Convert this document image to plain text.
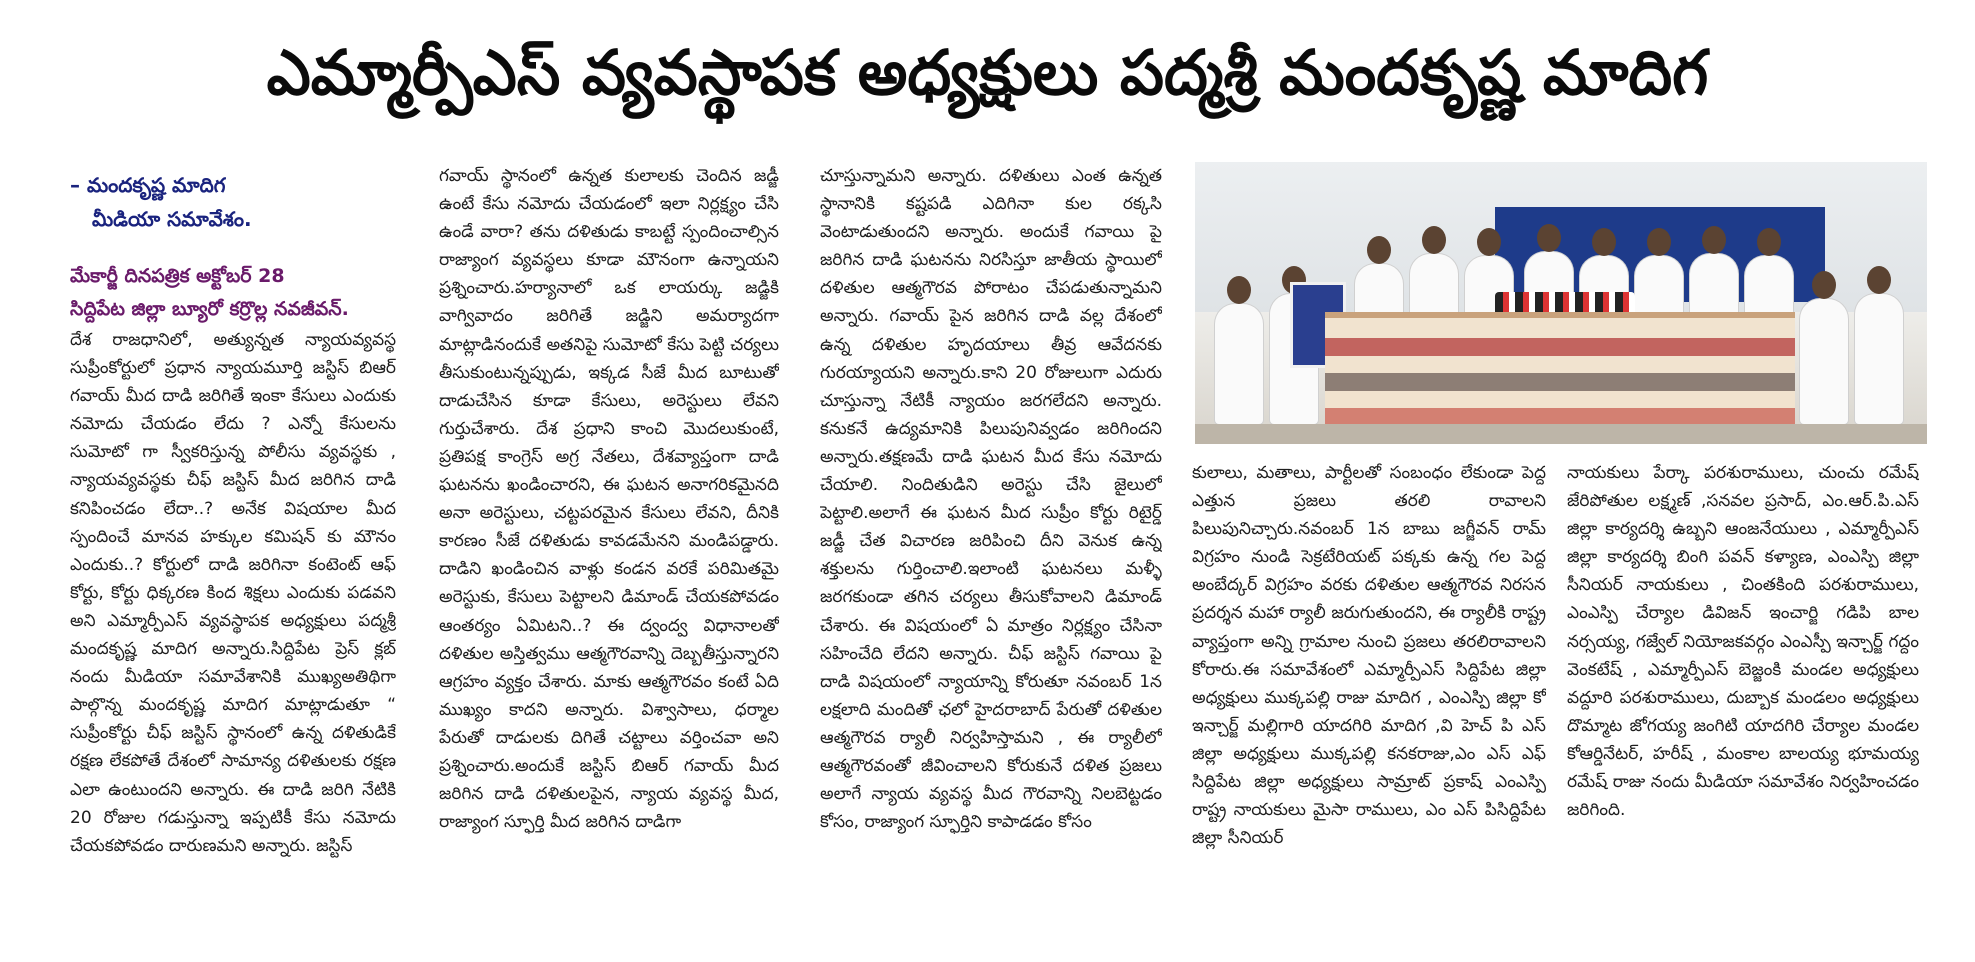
ఎమ్మార్పీఎస్ వ్యవస్థాపక అధ్యక్షులు పద్మశ్రీ మందకృష్ణ మాదిగ
– మందకృష్ణ మాదిగ
మీడియా సమావేశం.
మేకార్జీ దినపత్రిక అక్టోబర్ 28
సిద్దిపేట జిల్లా బ్యూరో కర్రొల్ల నవజీవన్.

దేశ రాజధానిలో, అత్యున్నత న్యాయవ్యవస్థ సుప్రీంకోర్టులో ప్రధాన న్యాయమూర్తి జస్టిస్ బిఆర్ గవాయ్ మీద దాడి జరిగితే ఇంకా కేసులు ఎందుకు నమోదు చేయడం లేదు ? ఎన్నో కేసులను సుమోటో గా స్వీకరిస్తున్న పోలీసు వ్యవస్థకు , న్యాయవ్యవస్థకు చీఫ్ జస్టిస్ మీద జరిగిన దాడి కనిపించడం లేదా..? అనేక విషయాల మీద స్పందించే మానవ హక్కుల కమిషన్ కు మౌనం ఎందుకు..? కోర్టులో దాడి జరిగినా కంటెంట్ ఆఫ్ కోర్టు, కోర్టు ధిక్కరణ కింద శిక్షలు ఎందుకు పడవని అని ఎమ్మార్పీఎస్ వ్యవస్థాపక అధ్యక్షులు పద్మశ్రీ మందకృష్ణ మాదిగ అన్నారు.సిద్దిపేట ప్రెస్ క్లబ్ నందు మీడియా సమావేశానికి ముఖ్యఅతిథిగా పాల్గొన్న మందకృష్ణ మాదిగ మాట్లాడుతూ “ సుప్రీంకోర్టు చీఫ్ జస్టిస్ స్థానంలో ఉన్న దళితుడికే రక్షణ లేకపోతే దేశంలో సామాన్య దళితులకు రక్షణ ఎలా ఉంటుందని అన్నారు. ఈ దాడి జరిగి నేటికి 20 రోజుల గడుస్తున్నా ఇప్పటికీ కేసు నమోదు చేయకపోవడం దారుణమని అన్నారు. జస్టిస్

గవాయ్ స్థానంలో ఉన్నత కులాలకు చెందిన జడ్జీ ఉంటే కేసు నమోదు చేయడంలో ఇలా నిర్లక్ష్యం చేసి ఉండే వారా? తను దళితుడు కాబట్టే స్పందించాల్సిన రాజ్యాంగ వ్యవస్థలు కూడా మౌనంగా ఉన్నాయని ప్రశ్నించారు.హర్యానాలో ఒక లాయర్కు జడ్జికి వాగ్వివాదం జరిగితే జడ్జిని అమర్యాదగా మాట్లాడినందుకే అతనిపై సుమోటో కేసు పెట్టి చర్యలు తీసుకుంటున్నప్పుడు, ఇక్కడ సీజే మీద బూటుతో దాడుచేసిన కూడా కేసులు, అరెస్టులు లేవని గుర్తుచేశారు. దేశ ప్రధాని కాంచి మొదలుకుంటే, ప్రతిపక్ష కాంగ్రెస్ అగ్ర నేతలు, దేశవ్యాప్తంగా దాడి ఘటనను ఖండించారని, ఈ ఘటన అనాగరికమైనది అనా అరెస్టులు, చట్టపరమైన కేసులు లేవని, దీనికి కారణం సీజే దళితుడు కావడమేనని మండిపడ్డారు. దాడిని ఖండించిన వాళ్లు కండన వరకే పరిమితమై అరెస్టుకు, కేసులు పెట్టాలని డిమాండ్ చేయకపోవడం ఆంతర్యం ఏమిటని..? ఈ ద్వంద్వ విధానాలతో దళితుల అస్తిత్వము ఆత్మగౌరవాన్ని దెబ్బతీస్తున్నారని ఆగ్రహం వ్యక్తం చేశారు. మాకు ఆత్మగౌరవం కంటే ఏది ముఖ్యం కాదని అన్నారు. విశ్వాసాలు, ధర్మాల పేరుతో దాడులకు దిగితే చట్టాలు వర్తించవా అని ప్రశ్నించారు.అందుకే జస్టిస్ బిఆర్ గవాయ్ మీద జరిగిన దాడి దళితులపైన, న్యాయ వ్యవస్థ మీద, రాజ్యాంగ స్ఫూర్తి మీద జరిగిన దాడిగా

చూస్తున్నామని అన్నారు. దళితులు ఎంత ఉన్నత స్థానానికి కష్టపడి ఎదిగినా కుల రక్కసి వెంటాడుతుందని అన్నారు. అందుకే గవాయి పై జరిగిన దాడి ఘటనను నిరసిస్తూ జాతీయ స్థాయిలో దళితుల ఆత్మగౌరవ పోరాటం చేపడుతున్నామని అన్నారు. గవాయ్ పైన జరిగిన దాడి వల్ల దేశంలో ఉన్న దళితుల హృదయాలు తీవ్ర ఆవేదనకు గురయ్యాయని అన్నారు.కాని 20 రోజులుగా ఎదురు చూస్తున్నా నేటికీ న్యాయం జరగలేదని అన్నారు. కనుకనే ఉద్యమానికి పిలుపునివ్వడం జరిగిందని అన్నారు.తక్షణమే దాడి ఘటన మీద కేసు నమోదు చేయాలి. నిందితుడిని అరెస్టు చేసి జైలులో పెట్టాలి.అలాగే ఈ ఘటన మీద సుప్రీం కోర్టు రిటైర్డ్ జడ్జీ చేత విచారణ జరిపించి దీని వెనుక ఉన్న శక్తులను గుర్తించాలి.ఇలాంటి ఘటనలు మళ్ళీ జరగకుండా తగిన చర్యలు తీసుకోవాలని డిమాండ్ చేశారు. ఈ విషయంలో ఏ మాత్రం నిర్లక్ష్యం చేసినా సహించేది లేదని అన్నారు. చీఫ్ జస్టిస్ గవాయి పై దాడి విషయంలో న్యాయాన్ని కోరుతూ నవంబర్ 1న లక్షలాది మందితో ఛలో హైదరాబాద్ పేరుతో దళితుల ఆత్మగౌరవ ర్యాలీ నిర్వహిస్తామని , ఈ ర్యాలీలో ఆత్మగౌరవంతో జీవించాలని కోరుకునే దళిత ప్రజలు అలాగే న్యాయ వ్యవస్థ మీద గౌరవాన్ని నిలబెట్టడం కోసం, రాజ్యాంగ స్ఫూర్తిని కాపాడడం కోసం

కులాలు, మతాలు, పార్టీలతో సంబంధం లేకుండా పెద్ద ఎత్తున ప్రజలు తరలి రావాలని పిలుపునిచ్చారు.నవంబర్ 1న బాబు జగ్జీవన్ రామ్ విగ్రహం నుండి సెక్రటేరియట్ పక్కకు ఉన్న గల పెద్ద అంబేద్కర్ విగ్రహం వరకు దళితుల ఆత్మగౌరవ నిరసన ప్రదర్శన మహా ర్యాలీ జరుగుతుందని, ఈ ర్యాలీకి రాష్ట్ర వ్యాప్తంగా అన్ని గ్రామాల నుంచి ప్రజలు తరలిరావాలని కోరారు.ఈ సమావేశంలో ఎమ్మార్పీఎస్ సిద్దిపేట జిల్లా అధ్యక్షులు ముక్కపల్లి రాజు మాదిగ , ఎంఎస్పి జిల్లా కో ఇన్చార్జ్ మల్లిగారి యాదగిరి మాదిగ ,వి హెచ్ పి ఎస్ జిల్లా అధ్యక్షులు ముక్కపల్లి కనకరాజు,ఎం ఎస్ ఎఫ్ సిద్దిపేట జిల్లా అధ్యక్షులు సామ్రాట్ ప్రకాష్ ఎంఎస్పి రాష్ట్ర నాయకులు మైసా రాములు, ఎం ఎస్ పిసిద్దిపేట జిల్లా సీనియర్

నాయకులు పేర్కా పరశురాములు, చుంచు రమేష్ జేరిపోతుల లక్ష్మణ్ ,సనవల ప్రసాద్, ఎం.ఆర్.పి.ఎస్ జిల్లా కార్యదర్శి ఉబ్బని ఆంజనేయులు , ఎమ్మార్పీఎస్ జిల్లా కార్యదర్శి బింగి పవన్ కళ్యాణ, ఎంఎస్పి జిల్లా సీనియర్ నాయకులు , చింతకింది పరశురాములు, ఎంఎస్పి చేర్యాల డివిజన్ ఇంచార్జి గడిపి బాల నర్సయ్య, గజ్వేల్ నియోజకవర్గం ఎంఎస్పీ ఇన్చార్జ్ గద్దం వెంకటేష్ , ఎమ్మార్పీఎస్ బెజ్జంకి మండల అధ్యక్షులు వద్దూరి పరశురాములు, దుబ్బాక మండలం అధ్యక్షులు దొమ్మాట జోగయ్య జంగిటి యాదగిరి చేర్యాల మండల కోఆర్డినేటర్, హరీష్ , మంకాల బాలయ్య భూమయ్య రమేష్ రాజు నందు మీడియా సమావేశం నిర్వహించడం జరిగింది.
